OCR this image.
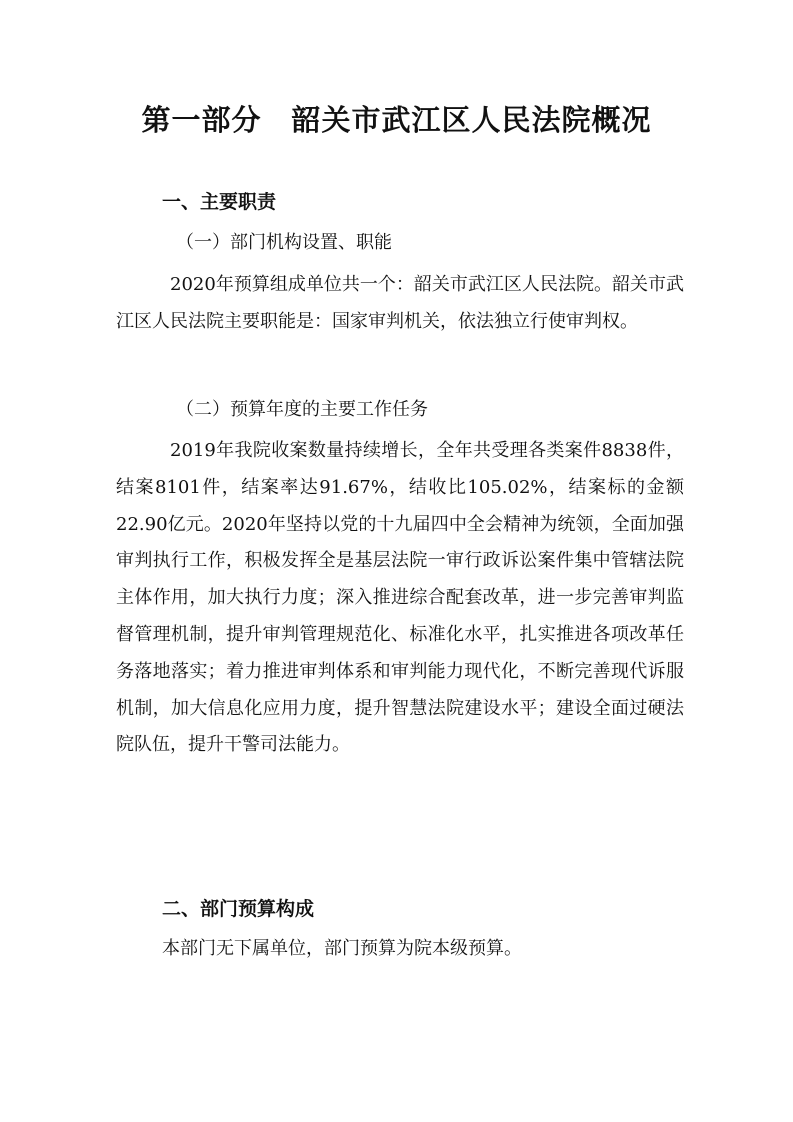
第一部分　韶关市武江区人民法院概况
一、主要职责
（一）部门机构设置、职能

2020年预算组成单位共一个：韶关市武江区人民法院。韶关市武江区人民法院主要职能是：国家审判机关，依法独立行使审判权。

（二）预算年度的主要工作任务

2019年我院收案数量持续增长，全年共受理各类案件8838件，结案8101件，结案率达91.67%，结收比105.02%，结案标的金额22.90亿元。2020年坚持以党的十九届四中全会精神为统领，全面加强审判执行工作，积极发挥全是基层法院一审行政诉讼案件集中管辖法院主体作用，加大执行力度；深入推进综合配套改革，进一步完善审判监督管理机制，提升审判管理规范化、标准化水平，扎实推进各项改革任务落地落实；着力推进审判体系和审判能力现代化，不断完善现代诉服机制，加大信息化应用力度，提升智慧法院建设水平；建设全面过硬法院队伍，提升干警司法能力。

二、部门预算构成
本部门无下属单位，部门预算为院本级预算。
